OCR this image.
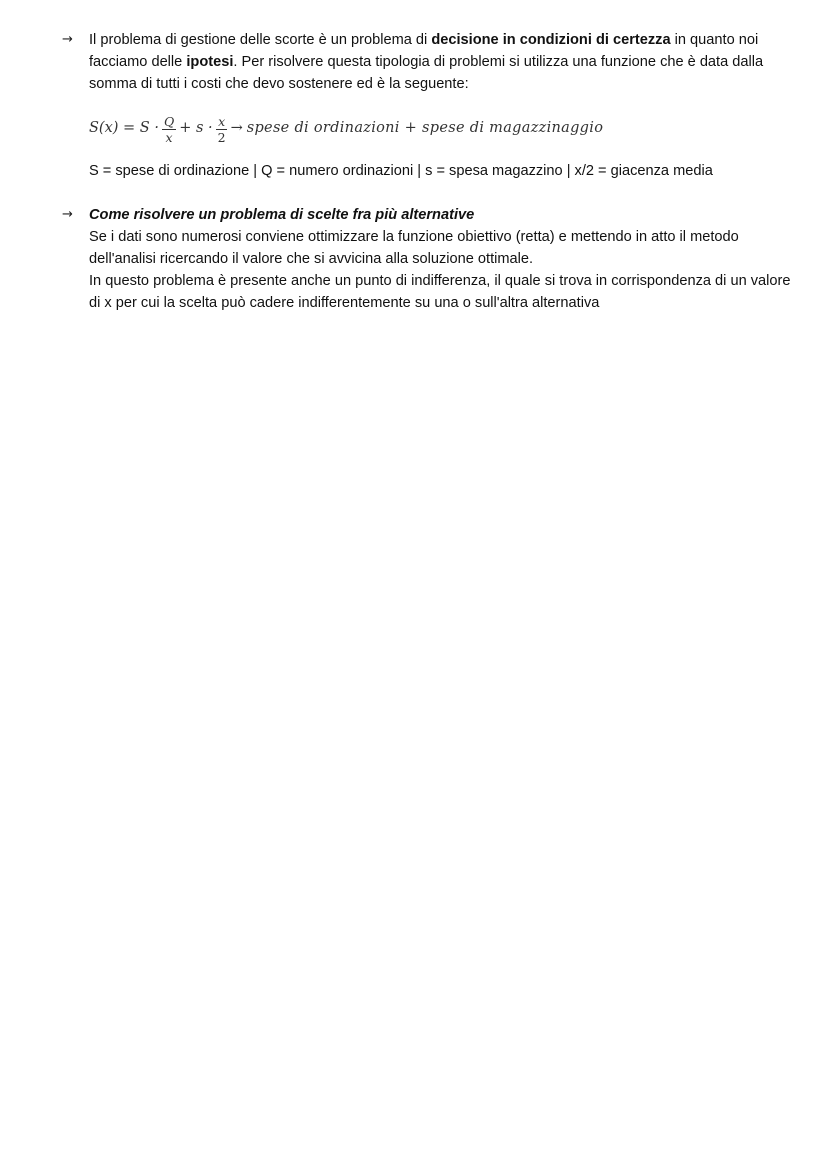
→ Il problema di gestione delle scorte è un problema di decisione in condizioni di certezza in quanto noi facciamo delle ipotesi. Per risolvere questa tipologia di problemi si utilizza una funzione che è data dalla somma di tutti i costi che devo sostenere ed è la seguente:

$S(x) = S \cdot \frac{Q}{x} + s \cdot \frac{x}{2}$ → spese di ordinazioni + spese di magazzinaggio
S = spese di ordinazione | Q = numero ordinazioni | s = spesa magazzino | x/2 = giacenza media
→ Come risolvere un problema di scelte fra più alternative

Se i dati sono numerosi conviene ottimizzare la funzione obiettivo (retta) e mettendo in atto il metodo dell'analisi ricercando il valore che si avvicina alla soluzione ottimale.

In questo problema è presente anche un punto di indifferenza, il quale si trova in corrispondenza di un valore di x per cui la scelta può cadere indifferentemente su una o sull'altra alternativa
